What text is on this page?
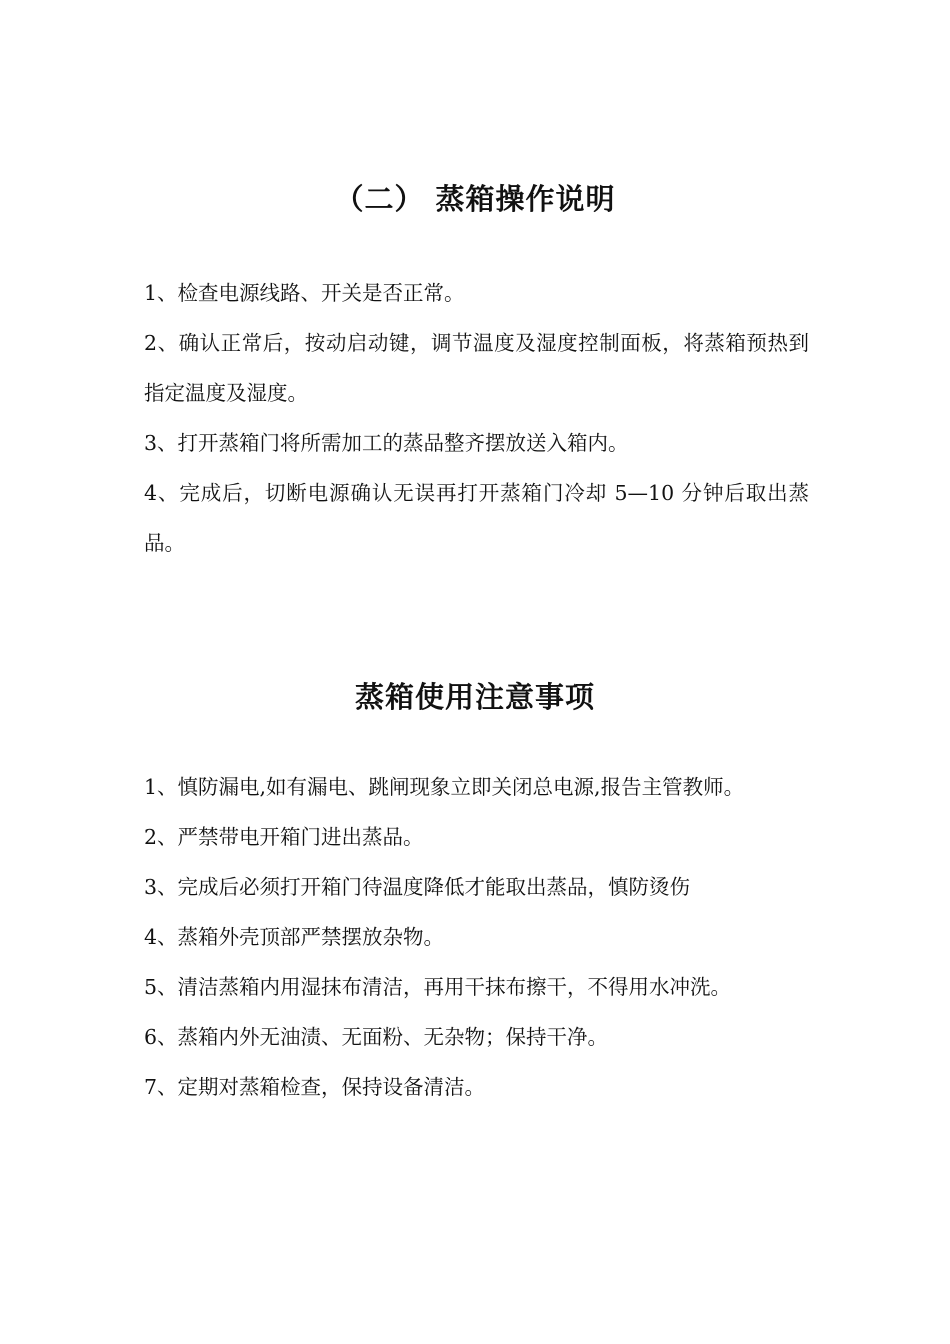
（二） 蒸箱操作说明

1、检查电源线路、开关是否正常。

2、确认正常后，按动启动键，调节温度及湿度控制面板，将蒸箱预热到指定温度及湿度。

3、打开蒸箱门将所需加工的蒸品整齐摆放送入箱内。

4、完成后，切断电源确认无误再打开蒸箱门冷却 5—10 分钟后取出蒸品。

蒸箱使用注意事项

1、慎防漏电,如有漏电、跳闸现象立即关闭总电源,报告主管教师。

2、严禁带电开箱门进出蒸品。

3、完成后必须打开箱门待温度降低才能取出蒸品，慎防烫伤

4、蒸箱外壳顶部严禁摆放杂物。

5、清洁蒸箱内用湿抹布清洁，再用干抹布擦干，不得用水冲洗。

6、蒸箱内外无油渍、无面粉、无杂物；保持干净。

7、定期对蒸箱检查，保持设备清洁。
